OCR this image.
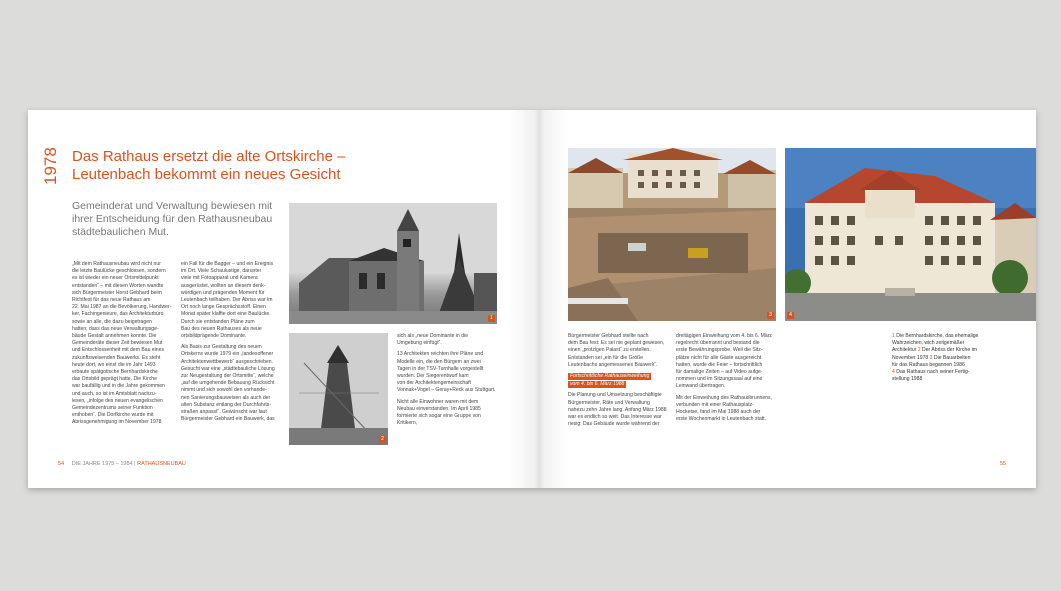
1978 Das Rathaus ersetzt die alte Ortskirche –
Leutenbach bekommt ein neues Gesicht
Gemeinderat und Verwaltung bewiesen mit
ihrer Entscheidung für den Rathausneubau
städtebaulichen Mut.

„Mit dem Rathausneubau wird nicht nur
die letzte Baulücke geschlossen, sondern
es ist wieder ein neuer Ortsmittelpunkt
entstanden“ – mit diesen Worten wandte
sich Bürgermeister Horst Gebhard beim
Richtfest für das neue Rathaus am
22. Mai 1987 an die Bevölkerung, Handwer-
ker, Fachingenieure, das Architekturbüro
sowie an alle, die dazu beigetragen
hatten, dass das neue Verwaltungsge-
bäude Gestalt annehmen konnte. Die
Gemeinderäte dieser Zeit bewiesen Mut
und Entschlossenheit mit dem Bau eines
zukunftsweisenden Bauwerks. Es steht
heute dort, wo einst die im Jahr 1493
erbaute spätgotische Bernhardskirche
das Ortsbild geprägt hatte. Die Kirche
war baufällig und in die Jahre gekommen
und auch, so ist im Amtsblatt nachzu-
lesen, „infolge des neuen evangelischen
Gemeindezentrums seiner Funktion
enthoben“. Die Dorfkirche wurde mit
Abrissgenehmigung im November 1978

ein Fall für die Bagger – und ein Ereignis
im Ort. Viele Schaulustige, darunter
viele mit Fotoapparat und Kamera
ausgerüstet, wollten an diesem denk-
würdigen und prägenden Moment für
Leutenbach teilhaben. Der Abriss war im
Ort noch lange Gesprächsstoff. Einen
Monat später klaffte dort eine Baulücke.
Durch sie entstanden Pläne zum
Bau des neuen Rathauses als neue
ortsbildprägende Dominante.

Als Basis zur Gestaltung des neuen
Ortskerns wurde 1979 ein „landesoffener
Architektenwettbewerb“ ausgeschrieben.
Gesucht war eine „städtebauliche Lösung
zur Neugestaltung der Ortsmitte“, welche
„auf die umgehende Bebauung Rücksicht
nimmt und sich sowohl den vorhande-
nen Sanierungsbauweisen als auch der
alten Substanz entlang der Durchfahrts-
straßen anpasst“. Gewünscht war laut
Bürgermeister Gebhard ein Bauwerk, das

sich als „neue Dominante in die
Umgebung einfügt“.

13 Architekten reichten ihre Pläne und
Modelle ein, die den Bürgern an zwei
Tagen in der TSV-Turnhalle vorgestellt
wurden. Der Siegerentwurf kam
von der Architektengemeinschaft
Vonnak+Vogel – Geray+Reck aus Stuttgart.

Nicht alle Einwohner waren mit dem
Neubau einverstanden. Im April 1985
formierte sich sogar eine Gruppe von
Kritikern,

1
2
54 DIE JAHRE 1975 – 1984 | RATHAUSNEUBAU
3	4

Bürgermeister Gebhard stellte nach
dem Bau fest: Es sei nie geplant gewesen,
einen „protzigen Palast“ zu erstellen.
Entstanden sei „ein für die Größe
Leutenbachs angemessenes Bauwerk“.

Fortschrittliche Rathauseinweihung
vom 4. bis 6. März 1988

Die Planung und Umsetzung beschäftigte
Bürgermeister, Räte und Verwaltung
nahezu zehn Jahre lang. Anfang März 1988
war es endlich so weit. Das Interesse war
riesig: Das Gebäude wurde während der

dreitägigen Einweihung vom 4. bis 6. März
regelrecht überrannt und bestand die
erste Bewährungsprobe. Weil die Sitz-
plätze nicht für alle Gäste ausgereicht
hatten, wurde die Feier – fortschrittlich
für damalige Zeiten – auf Video aufge-
nommen und im Sitzungssaal auf eine
Leinwand übertragen.

Mit der Einweihung des Rathausbrunnens,
verbunden mit einer Rathausplatz-
Hocketse, fand im Mai 1988 auch der
erste Wochenmarkt in Leutenbach statt.

1 Die Bernhardskirche, das ehemalige
Wahrzeichen, wich zeitgemäßer
Architektur 2 Der Abriss der Kirche im
November 1978 3 Die Bauarbeiten
für das Rathaus begannen 1986
4 Das Rathaus nach seiner Fertig-
stellung 1988
55
